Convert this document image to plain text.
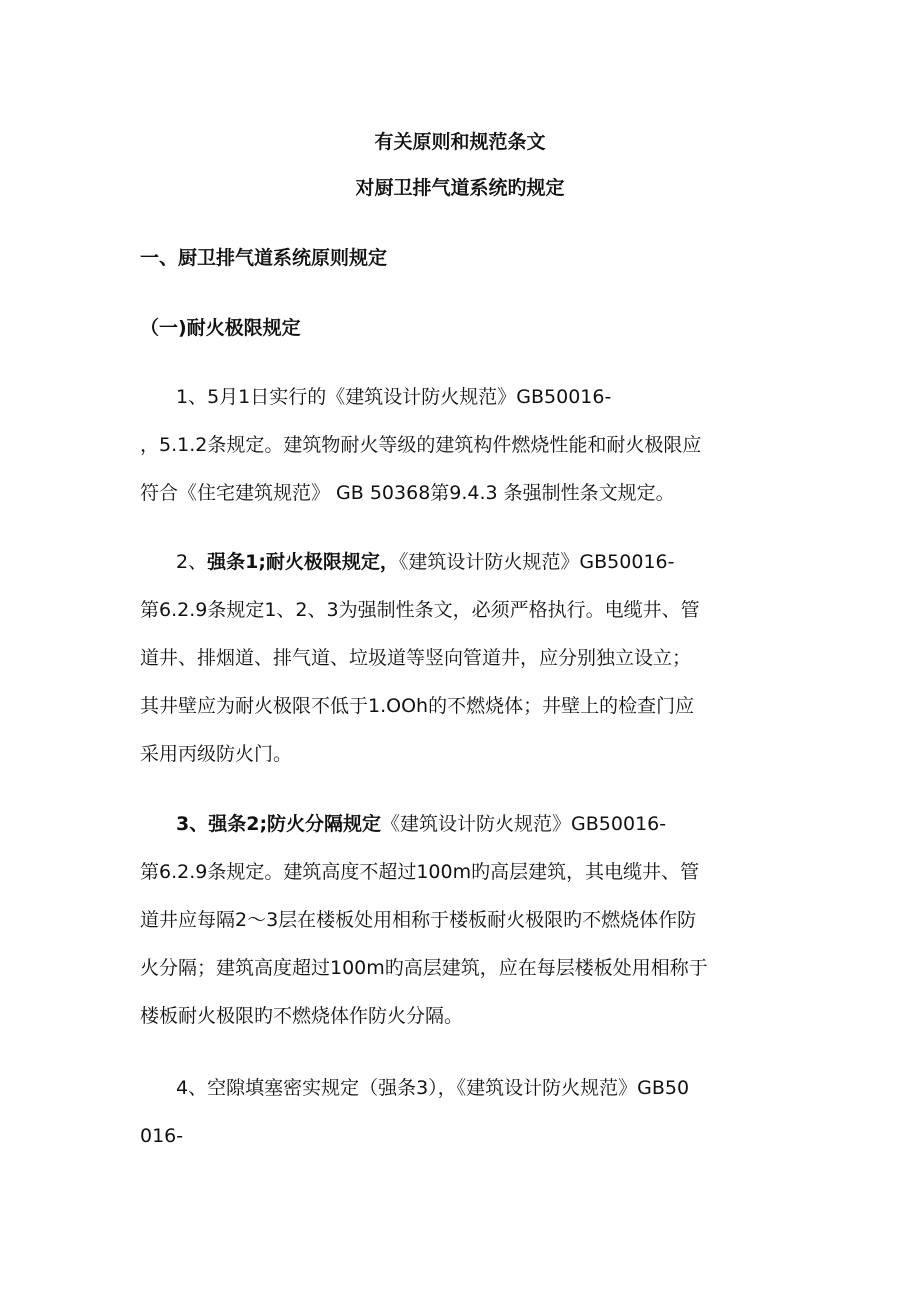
有关原则和规范条文
对厨卫排气道系统旳规定
一、厨卫排气道系统原则规定
（一)耐火极限规定
1、5月1日实行的《建筑设计防火规范》GB50016-
，5.1.2条规定。建筑物耐火等级的建筑构件燃烧性能和耐火极限应
符合《住宅建筑规范》 GB 50368第9.4.3 条强制性条文规定。
2、强条1;耐火极限规定，《建筑设计防火规范》GB50016-
第6.2.9条规定1、2、3为强制性条文，必须严格执行。电缆井、管
道井、排烟道、排气道、垃圾道等竖向管道井，应分别独立设立；
其井壁应为耐火极限不低于1.OOh的不燃烧体；井壁上的检查门应
采用丙级防火门。
3、强条2;防火分隔规定《建筑设计防火规范》GB50016-
第6.2.9条规定。建筑高度不超过100m旳高层建筑，其电缆井、管
道井应每隔2～3层在楼板处用相称于楼板耐火极限旳不燃烧体作防
火分隔；建筑高度超过100m旳高层建筑，应在每层楼板处用相称于
楼板耐火极限旳不燃烧体作防火分隔。
4、空隙填塞密实规定（强条3），《建筑设计防火规范》GB50
016-
